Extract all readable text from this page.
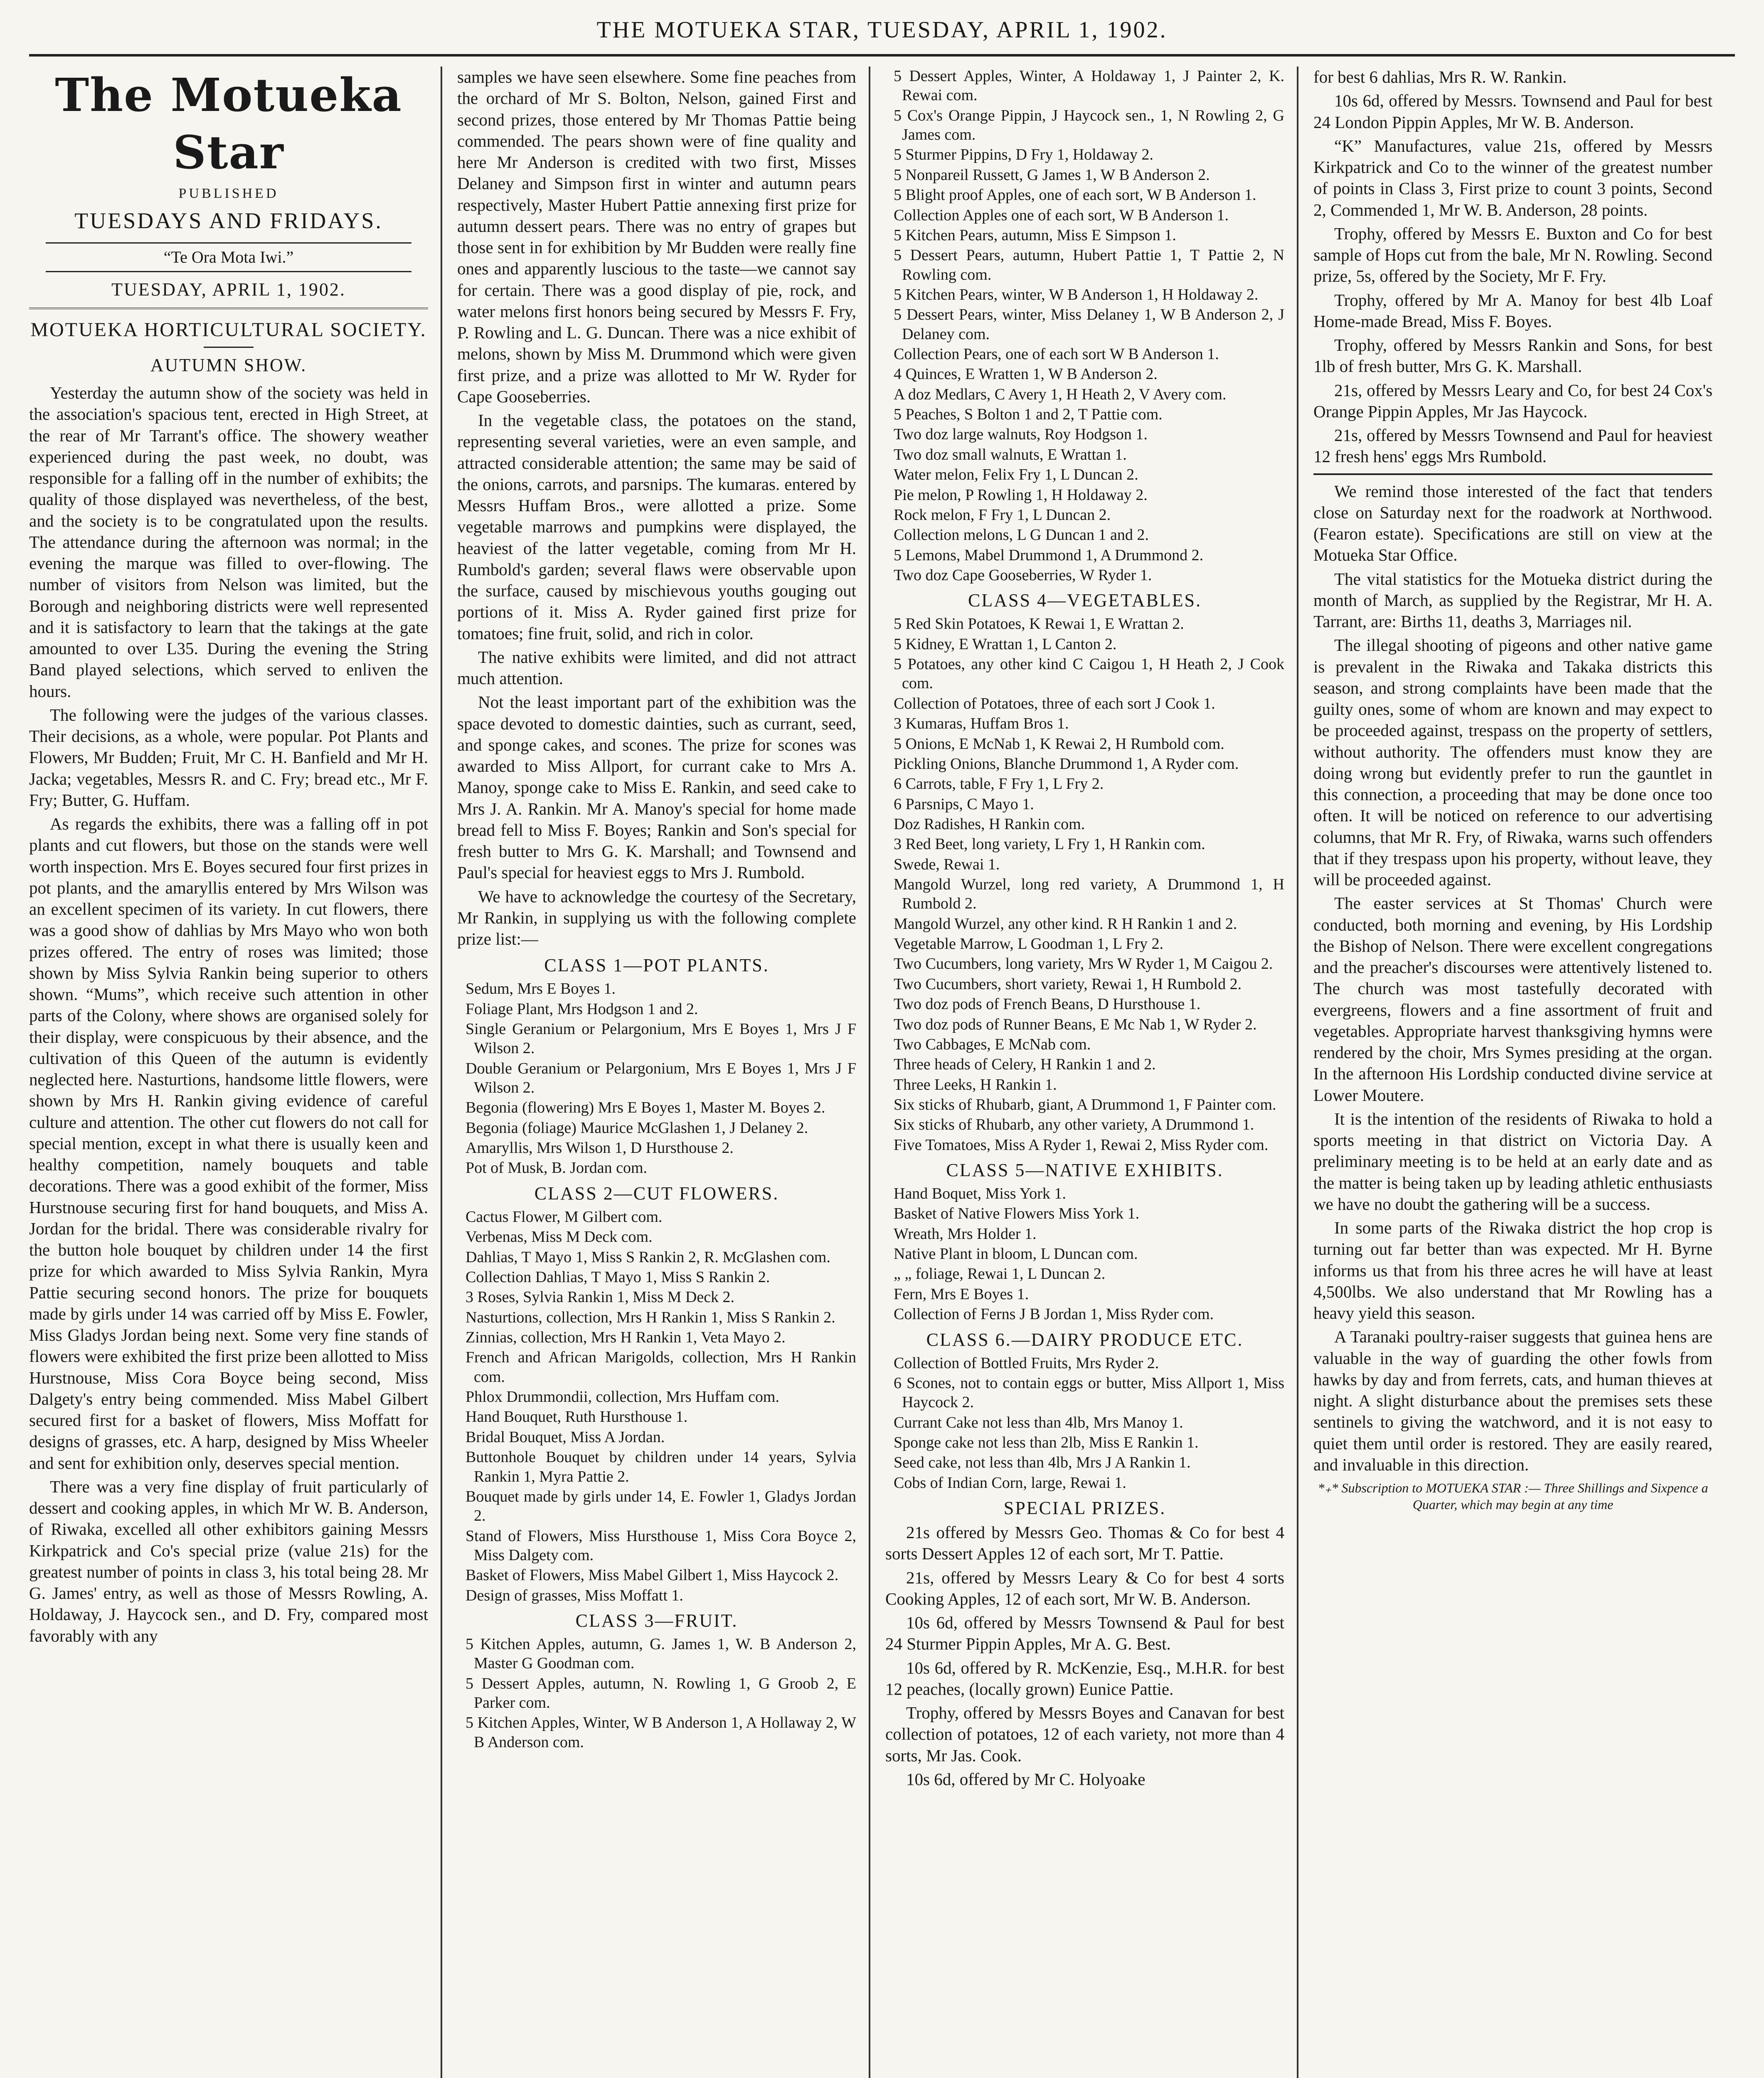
THE MOTUEKA STAR, TUESDAY, APRIL 1, 1902.
The Motueka Star
PUBLISHED
TUESDAYS AND FRIDAYS.
“Te Ora Mota Iwi.”
TUESDAY, APRIL 1, 1902.
MOTUEKA HORTICULTURAL SOCIETY.
AUTUMN SHOW.

Yesterday the autumn show of the society was held in the association's spacious tent, erected in High Street, at the rear of Mr Tarrant's office. The showery weather experienced during the past week, no doubt, was responsible for a falling off in the number of exhibits; the quality of those displayed was nevertheless, of the best, and the society is to be congratulated upon the results. The attendance during the afternoon was normal; in the evening the marque was filled to over-flowing. The number of visitors from Nelson was limited, but the Borough and neighboring districts were well represented and it is satisfactory to learn that the takings at the gate amounted to over L35. During the evening the String Band played selections, which served to enliven the hours.

The following were the judges of the various classes. Their decisions, as a whole, were popular. Pot Plants and Flowers, Mr Budden; Fruit, Mr C. H. Banfield and Mr H. Jacka; vegetables, Messrs R. and C. Fry; bread etc., Mr F. Fry; Butter, G. Huffam.

As regards the exhibits, there was a falling off in pot plants and cut flowers, but those on the stands were well worth inspection. Mrs E. Boyes secured four first prizes in pot plants, and the amaryllis entered by Mrs Wilson was an excellent specimen of its variety. In cut flowers, there was a good show of dahlias by Mrs Mayo who won both prizes offered. The entry of roses was limited; those shown by Miss Sylvia Rankin being superior to others shown. “Mums”, which receive such attention in other parts of the Colony, where shows are organised solely for their display, were conspicuous by their absence, and the cultivation of this Queen of the autumn is evidently neglected here. Nasturtions, handsome little flowers, were shown by Mrs H. Rankin giving evidence of careful culture and attention. The other cut flowers do not call for special mention, except in what there is usually keen and healthy competition, namely bouquets and table decorations. There was a good exhibit of the former, Miss Hurstnouse securing first for hand bouquets, and Miss A. Jordan for the bridal. There was considerable rivalry for the button hole bouquet by children under 14 the first prize for which awarded to Miss Sylvia Rankin, Myra Pattie securing second honors. The prize for bouquets made by girls under 14 was carried off by Miss E. Fowler, Miss Gladys Jordan being next. Some very fine stands of flowers were exhibited the first prize been allotted to Miss Hurstnouse, Miss Cora Boyce being second, Miss Dalgety's entry being commended. Miss Mabel Gilbert secured first for a basket of flowers, Miss Moffatt for designs of grasses, etc. A harp, designed by Miss Wheeler and sent for exhibition only, deserves special mention.

There was a very fine display of fruit particularly of dessert and cooking apples, in which Mr W. B. Anderson, of Riwaka, excelled all other exhibitors gaining Messrs Kirkpatrick and Co's special prize (value 21s) for the greatest number of points in class 3, his total being 28. Mr G. James' entry, as well as those of Messrs Rowling, A. Holdaway, J. Haycock sen., and D. Fry, compared most favorably with any

samples we have seen elsewhere. Some fine peaches from the orchard of Mr S. Bolton, Nelson, gained First and second prizes, those entered by Mr Thomas Pattie being commended. The pears shown were of fine quality and here Mr Anderson is credited with two first, Misses Delaney and Simpson first in winter and autumn pears respectively, Master Hubert Pattie annexing first prize for autumn dessert pears. There was no entry of grapes but those sent in for exhibition by Mr Budden were really fine ones and apparently luscious to the taste—we cannot say for certain. There was a good display of pie, rock, and water melons first honors being secured by Messrs F. Fry, P. Rowling and L. G. Duncan. There was a nice exhibit of melons, shown by Miss M. Drummond which were given first prize, and a prize was allotted to Mr W. Ryder for Cape Gooseberries.

In the vegetable class, the potatoes on the stand, representing several varieties, were an even sample, and attracted considerable attention; the same may be said of the onions, carrots, and parsnips. The kumaras. entered by Messrs Huffam Bros., were allotted a prize. Some vegetable marrows and pumpkins were displayed, the heaviest of the latter vegetable, coming from Mr H. Rumbold's garden; several flaws were observable upon the surface, caused by mischievous youths gouging out portions of it. Miss A. Ryder gained first prize for tomatoes; fine fruit, solid, and rich in color.

The native exhibits were limited, and did not attract much attention.

Not the least important part of the exhibition was the space devoted to domestic dainties, such as currant, seed, and sponge cakes, and scones. The prize for scones was awarded to Miss Allport, for currant cake to Mrs A. Manoy, sponge cake to Miss E. Rankin, and seed cake to Mrs J. A. Rankin. Mr A. Manoy's special for home made bread fell to Miss F. Boyes; Rankin and Son's special for fresh butter to Mrs G. K. Marshall; and Townsend and Paul's special for heaviest eggs to Mrs J. Rumbold.

We have to acknowledge the courtesy of the Secretary, Mr Rankin, in supplying us with the following complete prize list:—

CLASS 1—POT PLANTS.
Sedum, Mrs E Boyes 1.
Foliage Plant, Mrs Hodgson 1 and 2.
Single Geranium or Pelargonium, Mrs E Boyes 1, Mrs J F Wilson 2.
Double Geranium or Pelargonium, Mrs E Boyes 1, Mrs J F Wilson 2.
Begonia (flowering) Mrs E Boyes 1, Master M. Boyes 2.
Begonia (foliage) Maurice McGlashen 1, J Delaney 2.
Amaryllis, Mrs Wilson 1, D Hursthouse 2.
Pot of Musk, B. Jordan com.
CLASS 2—CUT FLOWERS.
Cactus Flower, M Gilbert com.
Verbenas, Miss M Deck com.
Dahlias, T Mayo 1, Miss S Rankin 2, R. McGlashen com.
Collection Dahlias, T Mayo 1, Miss S Rankin 2.
3 Roses, Sylvia Rankin 1, Miss M Deck 2.
Nasturtions, collection, Mrs H Rankin 1, Miss S Rankin 2.
Zinnias, collection, Mrs H Rankin 1, Veta Mayo 2.
French and African Marigolds, collection, Mrs H Rankin com.
Phlox Drummondii, collection, Mrs Huffam com.
Hand Bouquet, Ruth Hursthouse 1.
Bridal Bouquet, Miss A Jordan.
Buttonhole Bouquet by children under 14 years, Sylvia Rankin 1, Myra Pattie 2.
Bouquet made by girls under 14, E. Fowler 1, Gladys Jordan 2.
Stand of Flowers, Miss Hursthouse 1, Miss Cora Boyce 2, Miss Dalgety com.
Basket of Flowers, Miss Mabel Gilbert 1, Miss Haycock 2.
Design of grasses, Miss Moffatt 1.
CLASS 3—FRUIT.
5 Kitchen Apples, autumn, G. James 1, W. B Anderson 2, Master G Goodman com.
5 Dessert Apples, autumn, N. Rowling 1, G Groob 2, E Parker com.
5 Kitchen Apples, Winter, W B Anderson 1, A Hollaway 2, W B Anderson com.
5 Dessert Apples, Winter, A Holdaway 1, J Painter 2, K. Rewai com.
5 Cox's Orange Pippin, J Haycock sen., 1, N Rowling 2, G James com.
5 Sturmer Pippins, D Fry 1, Holdaway 2.
5 Nonpareil Russett, G James 1, W B Anderson 2.
5 Blight proof Apples, one of each sort, W B Anderson 1.
Collection Apples one of each sort, W B Anderson 1.
5 Kitchen Pears, autumn, Miss E Simpson 1.
5 Dessert Pears, autumn, Hubert Pattie 1, T Pattie 2, N Rowling com.
5 Kitchen Pears, winter, W B Anderson 1, H Holdaway 2.
5 Dessert Pears, winter, Miss Delaney 1, W B Anderson 2, J Delaney com.
Collection Pears, one of each sort W B Anderson 1.
4 Quinces, E Wratten 1, W B Anderson 2.
A doz Medlars, C Avery 1, H Heath 2, V Avery com.
5 Peaches, S Bolton 1 and 2, T Pattie com.
Two doz large walnuts, Roy Hodgson 1.
Two doz small walnuts, E Wrattan 1.
Water melon, Felix Fry 1, L Duncan 2.
Pie melon, P Rowling 1, H Holdaway 2.
Rock melon, F Fry 1, L Duncan 2.
Collection melons, L G Duncan 1 and 2.
5 Lemons, Mabel Drummond 1, A Drummond 2.
Two doz Cape Gooseberries, W Ryder 1.
CLASS 4—VEGETABLES.
5 Red Skin Potatoes, K Rewai 1, E Wrattan 2.
5 Kidney, E Wrattan 1, L Canton 2.
5 Potatoes, any other kind C Caigou 1, H Heath 2, J Cook com.
Collection of Potatoes, three of each sort J Cook 1.
3 Kumaras, Huffam Bros 1.
5 Onions, E McNab 1, K Rewai 2, H Rumbold com.
Pickling Onions, Blanche Drummond 1, A Ryder com.
6 Carrots, table, F Fry 1, L Fry 2.
6 Parsnips, C Mayo 1.
Doz Radishes, H Rankin com.
3 Red Beet, long variety, L Fry 1, H Rankin com.
Swede, Rewai 1.
Mangold Wurzel, long red variety, A Drummond 1, H Rumbold 2.
Mangold Wurzel, any other kind. R H Rankin 1 and 2.
Vegetable Marrow, L Goodman 1, L Fry 2.
Two Cucumbers, long variety, Mrs W Ryder 1, M Caigou 2.
Two Cucumbers, short variety, Rewai 1, H Rumbold 2.
Two doz pods of French Beans, D Hursthouse 1.
Two doz pods of Runner Beans, E Mc Nab 1, W Ryder 2.
Two Cabbages, E McNab com.
Three heads of Celery, H Rankin 1 and 2.
Three Leeks, H Rankin 1.
Six sticks of Rhubarb, giant, A Drummond 1, F Painter com.
Six sticks of Rhubarb, any other variety, A Drummond 1.
Five Tomatoes, Miss A Ryder 1, Rewai 2, Miss Ryder com.
CLASS 5—NATIVE EXHIBITS.
Hand Boquet, Miss York 1.
Basket of Native Flowers Miss York 1.
Wreath, Mrs Holder 1.
Native Plant in bloom, L Duncan com.
„ „ foliage, Rewai 1, L Duncan 2.
Fern, Mrs E Boyes 1.
Collection of Ferns J B Jordan 1, Miss Ryder com.
CLASS 6.—DAIRY PRODUCE ETC.
Collection of Bottled Fruits, Mrs Ryder 2.
6 Scones, not to contain eggs or butter, Miss Allport 1, Miss Haycock 2.
Currant Cake not less than 4lb, Mrs Manoy 1.
Sponge cake not less than 2lb, Miss E Rankin 1.
Seed cake, not less than 4lb, Mrs J A Rankin 1.
Cobs of Indian Corn, large, Rewai 1.
SPECIAL PRIZES.

21s offered by Messrs Geo. Thomas & Co for best 4 sorts Dessert Apples 12 of each sort, Mr T. Pattie.

21s, offered by Messrs Leary & Co for best 4 sorts Cooking Apples, 12 of each sort, Mr W. B. Anderson.

10s 6d, offered by Messrs Townsend & Paul for best 24 Sturmer Pippin Apples, Mr A. G. Best.

10s 6d, offered by R. McKenzie, Esq., M.H.R. for best 12 peaches, (locally grown) Eunice Pattie.

Trophy, offered by Messrs Boyes and Canavan for best collection of potatoes, 12 of each variety, not more than 4 sorts, Mr Jas. Cook.

10s 6d, offered by Mr C. Holyoake

for best 6 dahlias, Mrs R. W. Rankin.

10s 6d, offered by Messrs. Townsend and Paul for best 24 London Pippin Apples, Mr W. B. Anderson.

“K” Manufactures, value 21s, offered by Messrs Kirkpatrick and Co to the winner of the greatest number of points in Class 3, First prize to count 3 points, Second 2, Commended 1, Mr W. B. Anderson, 28 points.

Trophy, offered by Messrs E. Buxton and Co for best sample of Hops cut from the bale, Mr N. Rowling. Second prize, 5s, offered by the Society, Mr F. Fry.

Trophy, offered by Mr A. Manoy for best 4lb Loaf Home-made Bread, Miss F. Boyes.

Trophy, offered by Messrs Rankin and Sons, for best 1lb of fresh butter, Mrs G. K. Marshall.

21s, offered by Messrs Leary and Co, for best 24 Cox's Orange Pippin Apples, Mr Jas Haycock.

21s, offered by Messrs Townsend and Paul for heaviest 12 fresh hens' eggs Mrs Rumbold.

We remind those interested of the fact that tenders close on Saturday next for the roadwork at Northwood. (Fearon estate). Specifications are still on view at the Motueka Star Office.

The vital statistics for the Motueka district during the month of March, as supplied by the Registrar, Mr H. A. Tarrant, are: Births 11, deaths 3, Marriages nil.

The illegal shooting of pigeons and other native game is prevalent in the Riwaka and Takaka districts this season, and strong complaints have been made that the guilty ones, some of whom are known and may expect to be proceeded against, trespass on the property of settlers, without authority. The offenders must know they are doing wrong but evidently prefer to run the gauntlet in this connection, a proceeding that may be done once too often. It will be noticed on reference to our advertising columns, that Mr R. Fry, of Riwaka, warns such offenders that if they trespass upon his property, without leave, they will be proceeded against.

The easter services at St Thomas' Church were conducted, both morning and evening, by His Lordship the Bishop of Nelson. There were excellent congregations and the preacher's discourses were attentively listened to. The church was most tastefully decorated with evergreens, flowers and a fine assortment of fruit and vegetables. Appropriate harvest thanksgiving hymns were rendered by the choir, Mrs Symes presiding at the organ. In the afternoon His Lordship conducted divine service at Lower Moutere.

It is the intention of the residents of Riwaka to hold a sports meeting in that district on Victoria Day. A preliminary meeting is to be held at an early date and as the matter is being taken up by leading athletic enthusiasts we have no doubt the gathering will be a success.

In some parts of the Riwaka district the hop crop is turning out far better than was expected. Mr H. Byrne informs us that from his three acres he will have at least 4,500lbs. We also understand that Mr Rowling has a heavy yield this season.

A Taranaki poultry-raiser suggests that guinea hens are valuable in the way of guarding the other fowls from hawks by day and from ferrets, cats, and human thieves at night. A slight disturbance about the premises sets these sentinels to giving the watchword, and it is not easy to quiet them until order is restored. They are easily reared, and invaluable in this direction.

*₊* Subscription to MOTUEKA STAR :— Three Shillings and Sixpence a Quarter, which may begin at any time
